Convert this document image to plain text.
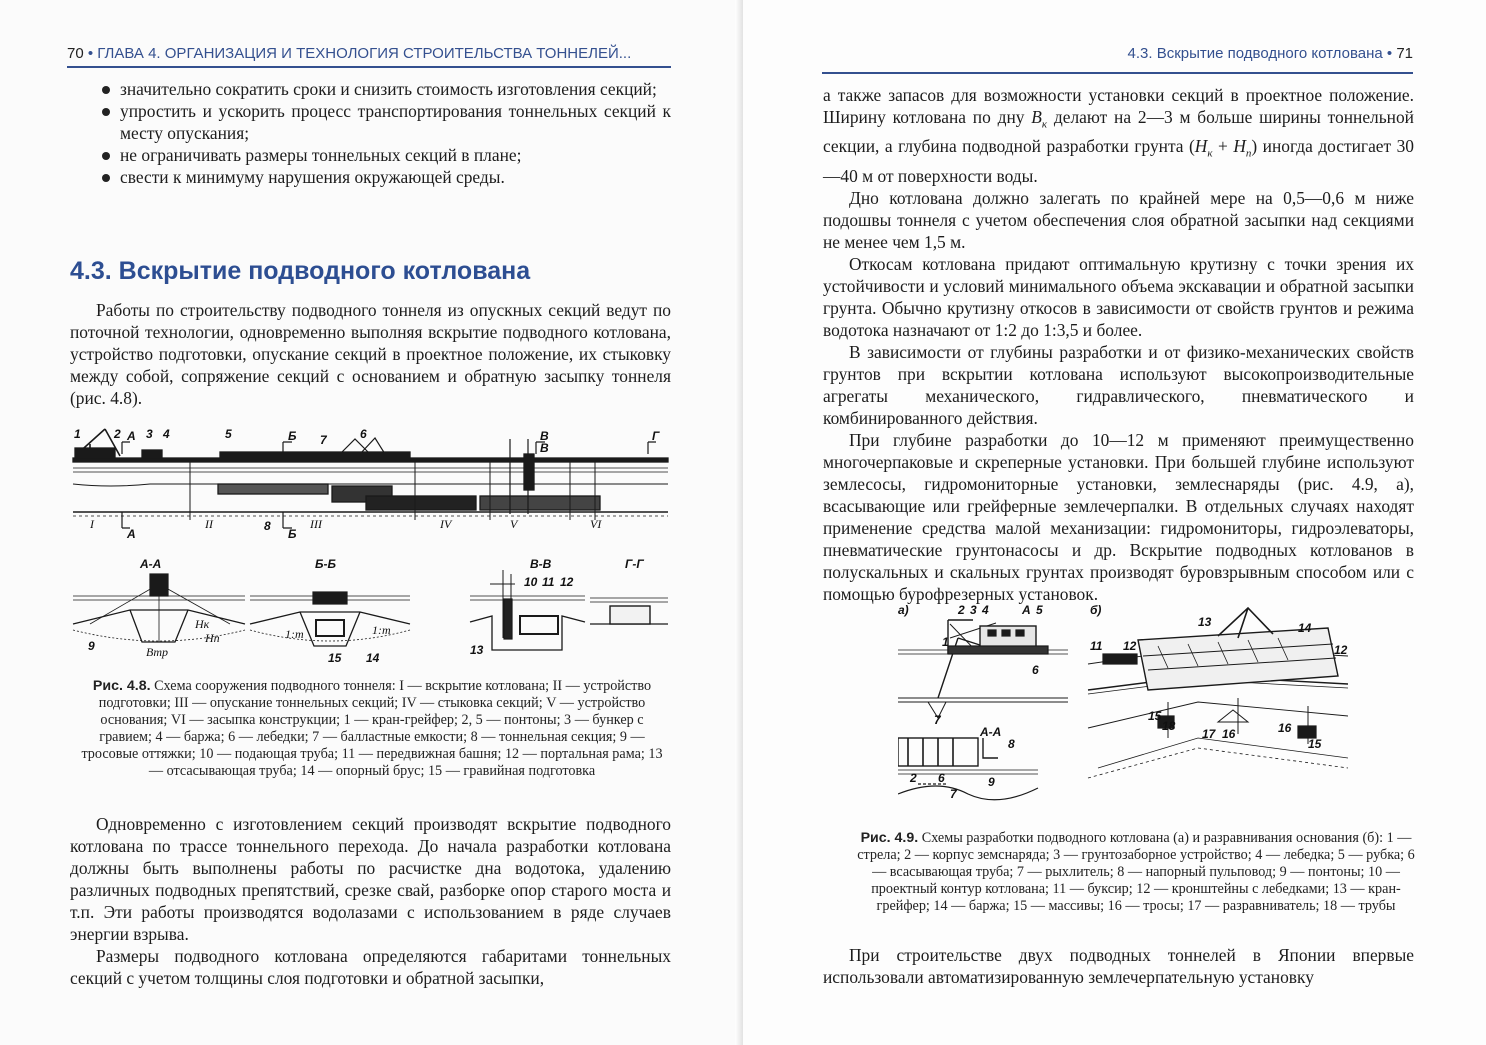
70 • ГЛАВА 4. ОРГАНИЗАЦИЯ И ТЕХНОЛОГИЯ СТРОИТЕЛЬСТВА ТОННЕЛЕЙ...
значительно сократить сроки и снизить стоимость изготовления секций;
упростить и ускорить процесс транспортирования тоннельных секций к месту опускания;
не ограничивать размеры тоннельных секций в плане;
свести к минимуму нарушения окружающей среды.
4.3. Вскрытие подводного котлована

Работы по строительству подводного тоннеля из опускных секций ведут по поточной технологии, одновременно выполняя вскрытие подводного котлована, устройство подготовки, опускание секций в проектное положение, их стыковку между собой, сопряжение секций с основанием и обратную засыпку тоннеля (рис. 4.8).

1	2 3 4	5	6
7
8
I	III
II	IV	V	VI
А
А
Б
Б
В
В
Г
А-А	Б-Б	В-В	Г-Г
9
15 14
13
10 11 12
Hк
Hп
Bтр
1:m	1:m
Рис. 4.8. Схема сооружения подводного тоннеля: I — вскрытие котлована; II — устройство подготовки; III — опускание тоннельных секций; IV — стыковка секций; V — устройство основания; VI — засыпка конструкции; 1 — кран-грейфер; 2, 5 — понтоны; 3 — бункер с гравием; 4 — баржа; 6 — лебедки; 7 — балластные емкости; 8 — тоннельная секция; 9 — тросовые оттяжки; 10 — подающая труба; 11 — передвижная башня; 12 — портальная рама; 13 — отсасывающая труба; 14 — опорный брус; 15 — гравийная подготовка

Одновременно с изготовлением секций производят вскрытие подводного котлована по трассе тоннельного перехода. До начала разработки котлована должны быть выполнены работы по расчистке дна водотока, удалению различных подводных препятствий, срезке свай, разборке опор старого моста и т.п. Эти работы производятся водолазами с использованием в ряде случаев энергии взрыва.

Размеры подводного котлована определяются габаритами тоннельных секций с учетом толщины слоя подготовки и обратной засыпки,

4.3. Вскрытие подводного котлована • 71

а также запасов для возможности установки секций в проектное положение. Ширину котлована по дну $B_к$ делают на 2—3 м больше ширины тоннельной секции, а глубина подводной разработки грунта $(H_к + H_п)$ иногда достигает 30—40 м от поверхности воды.

Дно котлована должно залегать по крайней мере на 0,5—0,6 м ниже подошвы тоннеля с учетом обеспечения слоя обратной засыпки над секциями не менее чем 1,5 м.

Откосам котлована придают оптимальную крутизну с точки зрения их устойчивости и условий минимального объема экскавации и обратной засыпки грунта. Обычно крутизну откосов в зависимости от свойств грунтов и режима водотока назначают от 1:2 до 1:3,5 и более.

В зависимости от глубины разработки и от физико-механических свойств грунтов при вскрытии котлована используют высокопроизводительные агрегаты механического, гидравлического, пневматического и комбинированного действия.

При глубине разработки до 10—12 м применяют преимущественно многочерпаковые и скреперные установки. При большей глубине используют землесосы, гидромониторные установки, землеснаряды (рис. 4.9, а), всасывающие или грейферные землечерпалки. В отдельных случаях находят применение средства малой механизации: гидромониторы, гидроэлеваторы, пневматические грунтонасосы и др. Вскрытие подводных котлованов в полускальных и скальных грунтах производят буровзрывным способом или с помощью бурофрезерных установок.

а)	2 3 4	5
1
6
7
А
А-А
8
2 6	9
7
б)
13	14
11 12	12
15
17
18
16	16
15
Рис. 4.9. Схемы разработки подводного котлована (а) и разравнивания основания (б): 1 — стрела; 2 — корпус земснаряда; 3 — грунтозаборное устройство; 4 — лебедка; 5 — рубка; 6 — всасывающая труба; 7 — рыхлитель; 8 — напорный пульповод; 9 — понтоны; 10 — проектный контур котлована; 11 — буксир; 12 — кронштейны с лебедками; 13 — кран-грейфер; 14 — баржа; 15 — массивы; 16 — тросы; 17 — разравниватель; 18 — трубы

При строительстве двух подводных тоннелей в Японии впервые использовали автоматизированную землечерпательную установку
